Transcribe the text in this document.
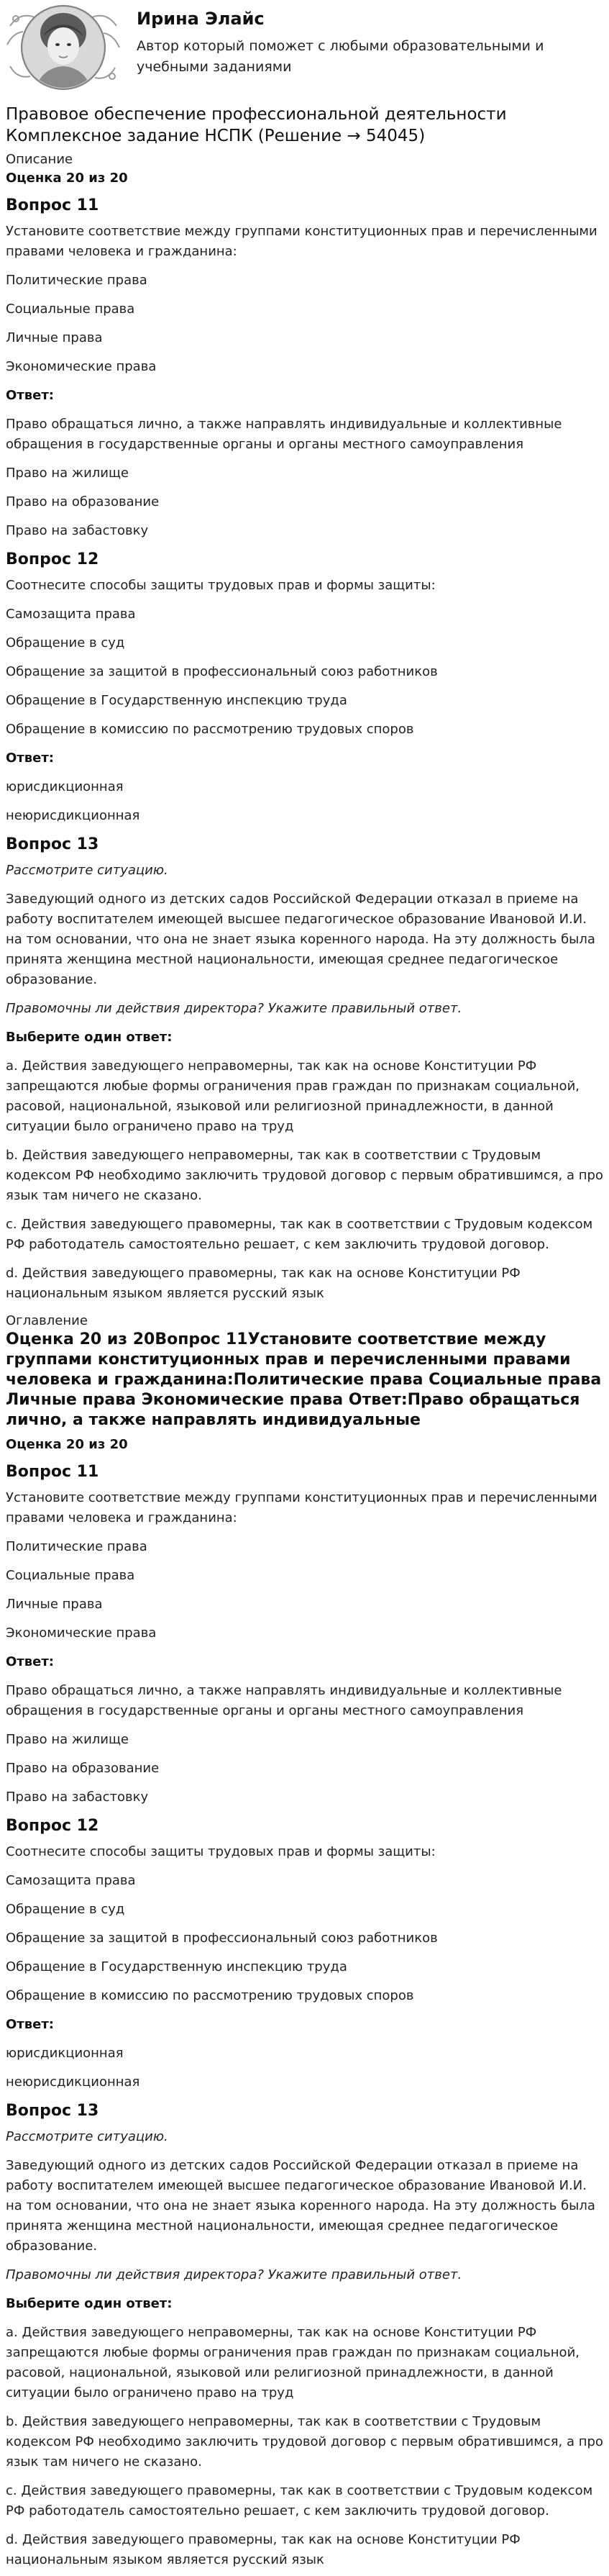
Ирина Элайс

Автор который поможет с любыми образовательными и учебными заданиями

Правовое обеспечение профессиональной деятельности
Комплексное задание НСПК (Решение → 54045)

Описание

Оценка 20 из 20

Вопрос 11

Установите соответствие между группами конституционных прав и перечисленными правами человека и гражданина:

Политические права

Социальные права

Личные права

Экономические права

Ответ:

Право обращаться лично, а также направлять индивидуальные и коллективные обращения в государственные органы и органы местного самоуправления

Право на жилище

Право на образование

Право на забастовку

Вопрос 12

Соотнесите способы защиты трудовых прав и формы защиты:

Самозащита права

Обращение в суд

Обращение за защитой в профессиональный союз работников

Обращение в Государственную инспекцию труда

Обращение в комиссию по рассмотрению трудовых споров

Ответ:

юрисдикционная

неюрисдикционная

Вопрос 13

Рассмотрите ситуацию.

Заведующий одного из детских садов Российской Федерации отказал в приеме на работу воспитателем имеющей высшее педагогическое образование Ивановой И.И. на том основании, что она не знает языка коренного народа. На эту должность была принята женщина местной национальности, имеющая среднее педагогическое образование.

Правомочны ли действия директора? Укажите правильный ответ.

Выберите один ответ:

a. Действия заведующего неправомерны, так как на основе Конституции РФ запрещаются любые формы ограничения прав граждан по признакам социальной, расовой, национальной, языковой или религиозной принадлежности, в данной ситуации было ограничено право на труд

b. Действия заведующего неправомерны, так как в соответствии с Трудовым кодексом РФ необходимо заключить трудовой договор с первым обратившимся, а про язык там ничего не сказано.

c. Действия заведующего правомерны, так как в соответствии с Трудовым кодексом РФ работодатель самостоятельно решает, с кем заключить трудовой договор.

d. Действия заведующего правомерны, так как на основе Конституции РФ национальным языком является русский язык

Оглавление

Оценка 20 из 20Вопрос 11Установите соответствие между группами конституционных прав и перечисленными правами человека и гражданина:Политические права Социальные права Личные права Экономические права Ответ:Право обращаться лично, а также направлять индивидуальные

Оценка 20 из 20

Вопрос 11

Установите соответствие между группами конституционных прав и перечисленными правами человека и гражданина:

Политические права

Социальные права

Личные права

Экономические права

Ответ:

Право обращаться лично, а также направлять индивидуальные и коллективные обращения в государственные органы и органы местного самоуправления

Право на жилище

Право на образование

Право на забастовку

Вопрос 12

Соотнесите способы защиты трудовых прав и формы защиты:

Самозащита права

Обращение в суд

Обращение за защитой в профессиональный союз работников

Обращение в Государственную инспекцию труда

Обращение в комиссию по рассмотрению трудовых споров

Ответ:

юрисдикционная

неюрисдикционная

Вопрос 13

Рассмотрите ситуацию.

Заведующий одного из детских садов Российской Федерации отказал в приеме на работу воспитателем имеющей высшее педагогическое образование Ивановой И.И. на том основании, что она не знает языка коренного народа. На эту должность была принята женщина местной национальности, имеющая среднее педагогическое образование.

Правомочны ли действия директора? Укажите правильный ответ.

Выберите один ответ:

a. Действия заведующего неправомерны, так как на основе Конституции РФ запрещаются любые формы ограничения прав граждан по признакам социальной, расовой, национальной, языковой или религиозной принадлежности, в данной ситуации было ограничено право на труд

b. Действия заведующего неправомерны, так как в соответствии с Трудовым кодексом РФ необходимо заключить трудовой договор с первым обратившимся, а про язык там ничего не сказано.

c. Действия заведующего правомерны, так как в соответствии с Трудовым кодексом РФ работодатель самостоятельно решает, с кем заключить трудовой договор.

d. Действия заведующего правомерны, так как на основе Конституции РФ национальным языком является русский язык
